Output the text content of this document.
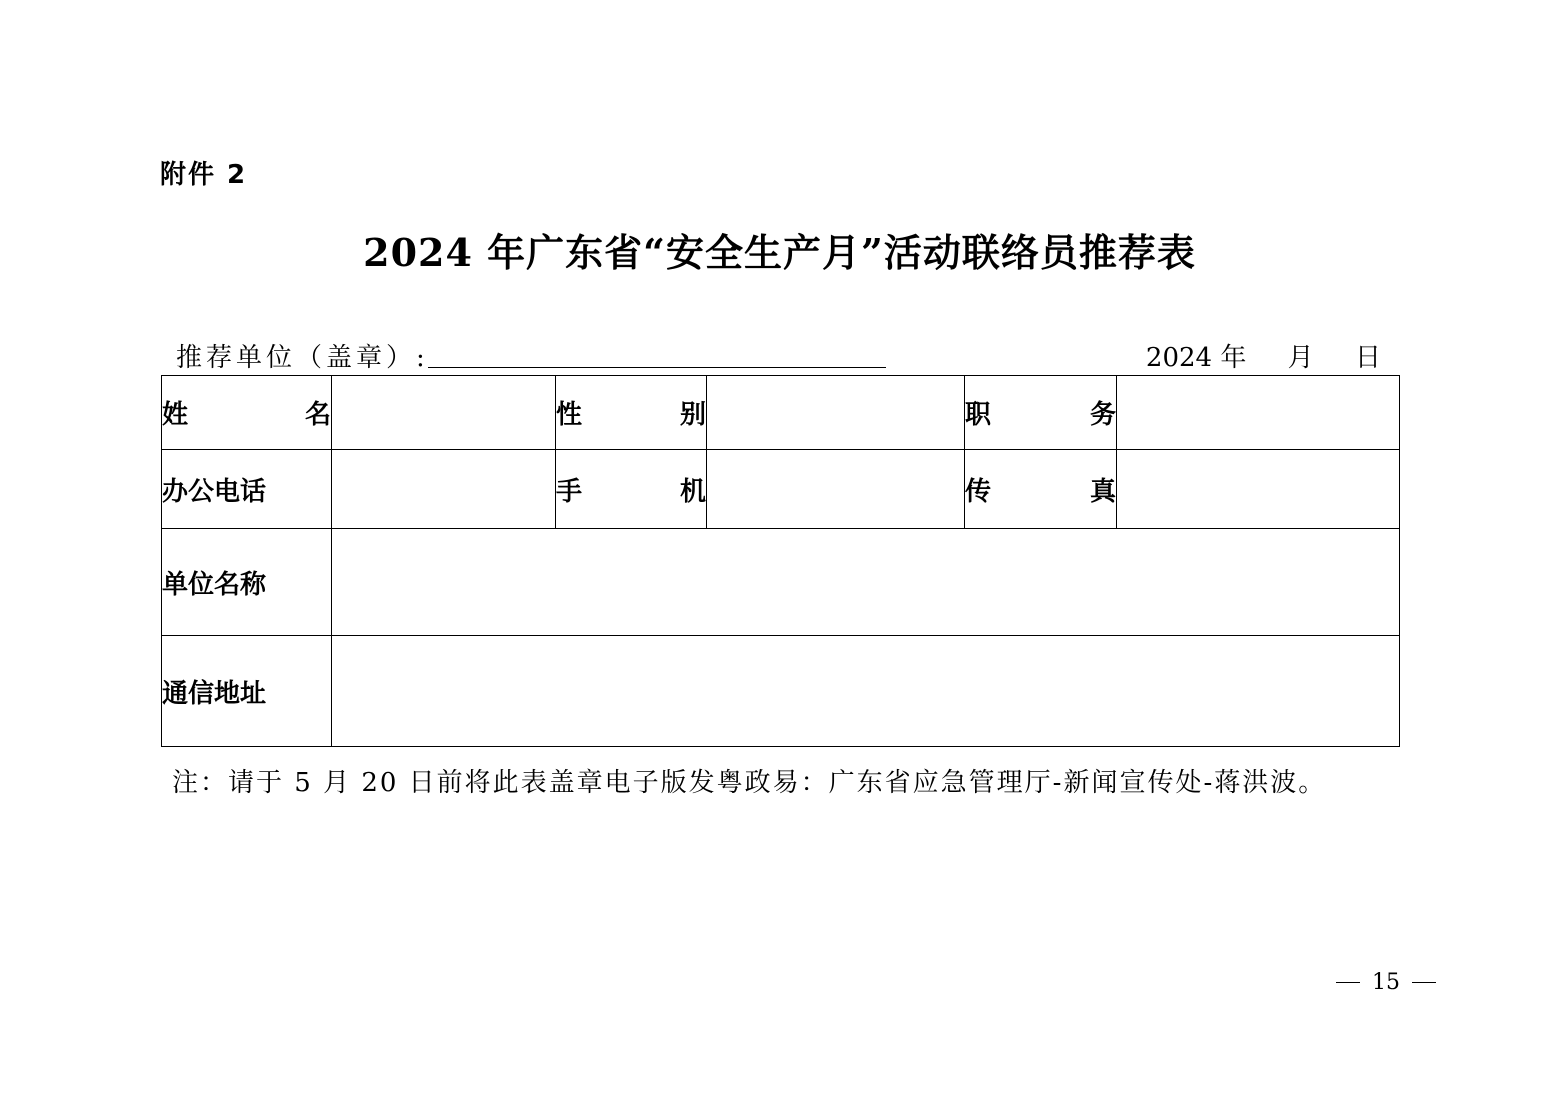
附件 2
2024 年广东省“安全生产月”活动联络员推荐表
推荐单位（盖章）:	2024 年     月     日
姓 名		性 别		职 务	

办公电话		手 机		传 真	

单位名称					
通信地址					
注：请于 5 月 20 日前将此表盖章电子版发粤政易：广东省应急管理厅-新闻宣传处-蒋洪波。
15
